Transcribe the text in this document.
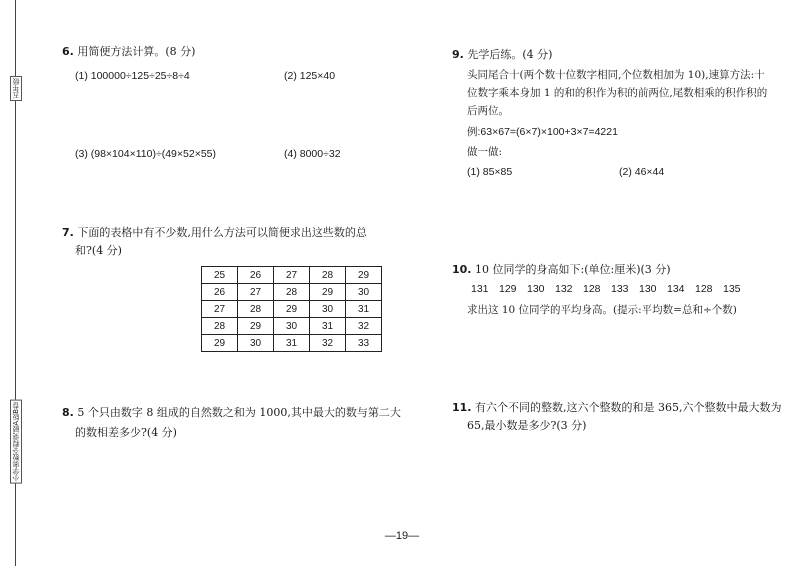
五年级
小学奥数全程突破A版B卷
6. 用简便方法计算。(8 分)
(1) 100000÷125÷25÷8÷4	(2) 125×40
(3) (98×104×110)÷(49×52×55)	(4) 8000÷32
7. 下面的表格中有不少数,用什么方法可以简便求出这些数的总
和?(4 分)
25	26	27	28	29
26	27	28	29	30
27	28	29	30	31
28	29	30	31	32
29	30	31	32	33
8. 5 个只由数字 8 组成的自然数之和为 1000,其中最大的数与第二大
的数相差多少?(4 分)
9. 先学后练。(4 分)
头同尾合十(两个数十位数字相同,个位数相加为 10),速算方法:十
位数字乘本身加 1 的和的积作为积的前两位,尾数相乘的积作积的
后两位。
例:63×67=(6×7)×100+3×7=4221
做一做:
(1) 85×85	(2) 46×44
10. 10 位同学的身高如下:(单位:厘米)(3 分)
131 129 130 132 128 133 130 134 128 135
求出这 10 位同学的平均身高。(提示:平均数=总和÷个数)
11. 有六个不同的整数,这六个整数的和是 365,六个整数中最大数为
65,最小数是多少?(3 分)
—19—
